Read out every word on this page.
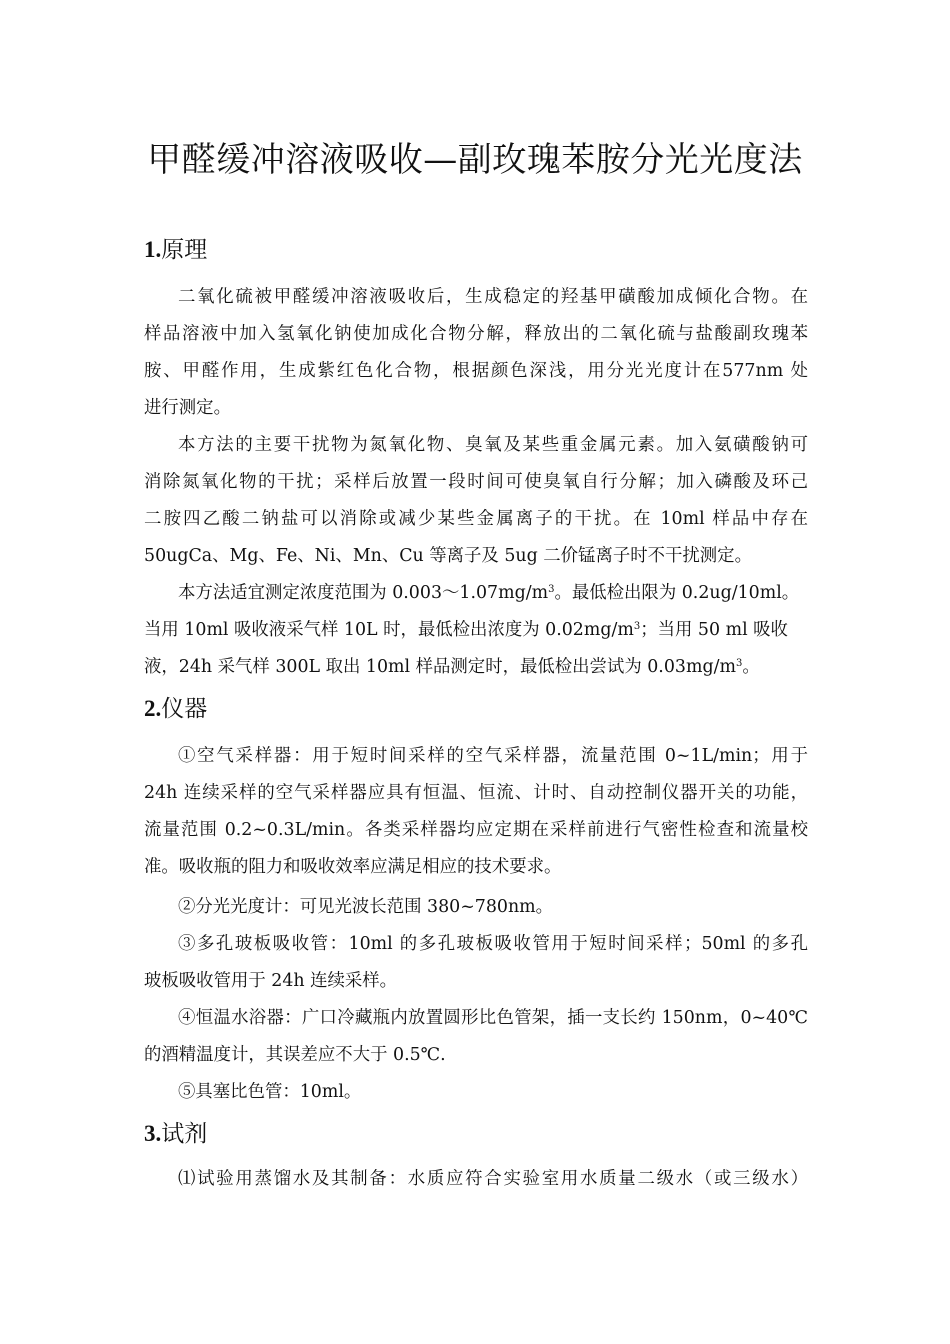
甲醛缓冲溶液吸收—副玫瑰苯胺分光光度法
1.原理
二氧化硫被甲醛缓冲溶液吸收后，生成稳定的羟基甲磺酸加成倾化合物。在
样品溶液中加入氢氧化钠使加成化合物分解，释放出的二氧化硫与盐酸副玫瑰苯
胺、甲醛作用，生成紫红色化合物，根据颜色深浅，用分光光度计在577nm 处
进行测定。
本方法的主要干扰物为氮氧化物、臭氧及某些重金属元素。加入氨磺酸钠可
消除氮氧化物的干扰；采样后放置一段时间可使臭氧自行分解；加入磷酸及环己
二胺四乙酸二钠盐可以消除或减少某些金属离子的干扰。在 10ml 样品中存在
50ugCa、Mg、Fe、Ni、Mn、Cu 等离子及 5ug 二价锰离子时不干扰测定。
本方法适宜测定浓度范围为 $0.003\sim 1.07mg/m^3$。最低检出限为 0.2ug/10ml。
当用 10ml 吸收液采气样 10L 时，最低检出浓度为 $0.02mg/m^3$；当用 50 ml 吸收
液，24h 采气样 300L 取出 10ml 样品测定时，最低检出尝试为 $0.03mg/m^3$。
2.仪器
①空气采样器：用于短时间采样的空气采样器，流量范围 0~1L/min；用于
24h 连续采样的空气采样器应具有恒温、恒流、计时、自动控制仪器开关的功能，
流量范围 0.2~0.3L/min。各类采样器均应定期在采样前进行气密性检查和流量校
准。吸收瓶的阻力和吸收效率应满足相应的技术要求。
②分光光度计：可见光波长范围 380~780nm。
③多孔玻板吸收管：10ml 的多孔玻板吸收管用于短时间采样；50ml 的多孔
玻板吸收管用于 24h 连续采样。
④恒温水浴器：广口冷藏瓶内放置圆形比色管架，插一支长约 150nm，0~40℃
的酒精温度计，其误差应不大于 0.5℃.
⑤具塞比色管：10ml。
3.试剂
⑴试验用蒸馏水及其制备：水质应符合实验室用水质量二级水（或三级水）
